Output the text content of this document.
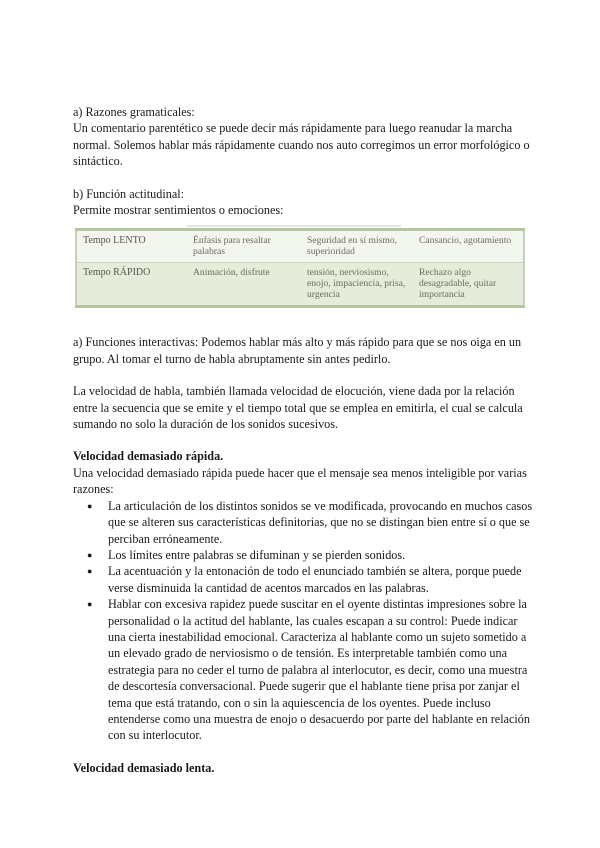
a) Razones gramaticales:

Un comentario parentético se puede decir más rápidamente para luego reanudar la marcha normal. Solemos hablar más rápidamente cuando nos auto corregimos un error morfológico o sintáctico.

b) Función actitudinal:

Permite mostrar sentimientos o emociones:

Tempo LENTO	Énfasis para resaltar palabras	Seguridad en sí mismo, superioridad	Cansancio, agotamiento
Tempo RÁPIDO	Animación, disfrute	tensión, nerviosismo, enojo, impaciencia, prisa, urgencia	Rechazo algo desagradable, quitar importancia

a) Funciones interactivas: Podemos hablar más alto y más rápido para que se nos oiga en un grupo. Al tomar el turno de habla abruptamente sin antes pedirlo.

La velocidad de habla, también llamada velocidad de elocución, viene dada por la relación entre la secuencia que se emite y el tiempo total que se emplea en emitirla, el cual se calcula sumando no solo la duración de los sonidos sucesivos.

Velocidad demasiado rápida.

Una velocidad demasiado rápida puede hacer que el mensaje sea menos inteligible por varias razones:

● La articulación de los distintos sonidos se ve modificada, provocando en muchos casos que se alteren sus características definitorias, que no se distingan bien entre sí o que se perciban erróneamente.
● Los límites entre palabras se difuminan y se pierden sonidos.
● La acentuación y la entonación de todo el enunciado también se altera, porque puede verse disminuida la cantidad de acentos marcados en las palabras.
● Hablar con excesiva rapidez puede suscitar en el oyente distintas impresiones sobre la personalidad o la actitud del hablante, las cuales escapan a su control: Puede indicar una cierta inestabilidad emocional. Caracteriza al hablante como un sujeto sometido a un elevado grado de nerviosismo o de tensión. Es interpretable también como una estrategia para no ceder el turno de palabra al interlocutor, es decir, como una muestra de descortesía conversacional. Puede sugerir que el hablante tiene prisa por zanjar el tema que está tratando, con o sin la aquiescencia de los oyentes. Puede incluso entenderse como una muestra de enojo o desacuerdo por parte del hablante en relación con su interlocutor.

Velocidad demasiado lenta.
